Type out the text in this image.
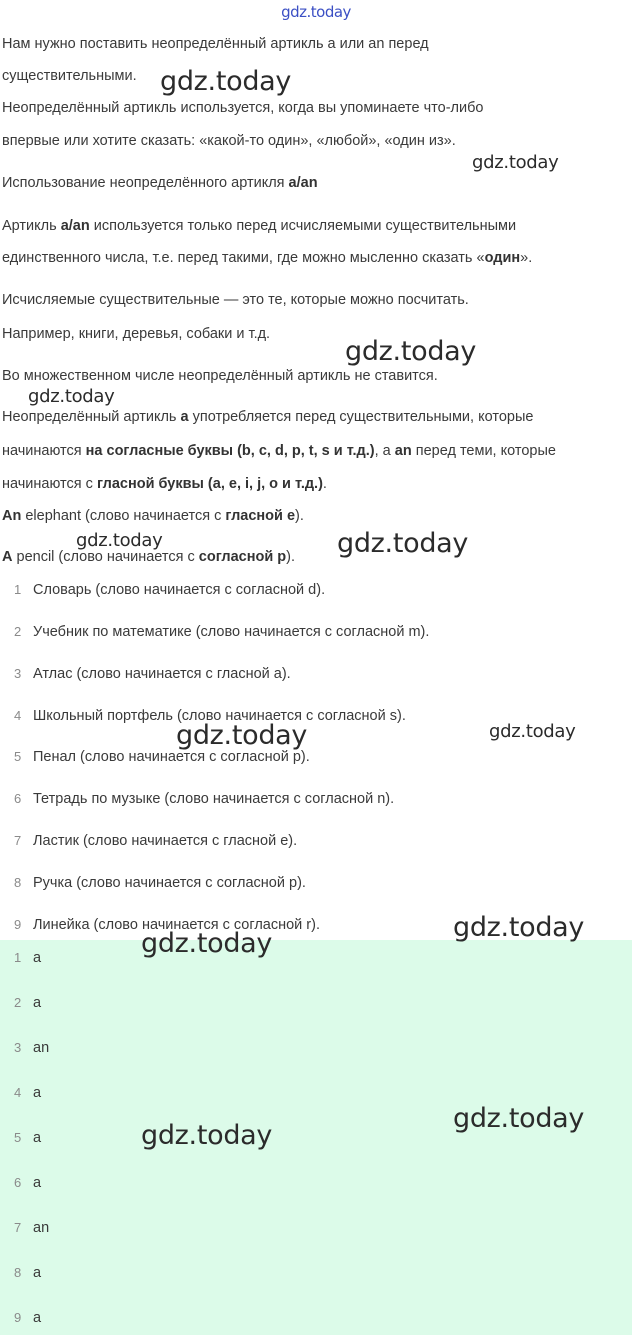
gdz.today
Нам нужно поставить неопределённый артикль a или an перед
существительными.
Неопределённый артикль используется, когда вы упоминаете что-либо
впервые или хотите сказать: «какой-то один», «любой», «один из».
Использование неопределённого артикля a/an
Артикль a/an используется только перед исчисляемыми существительными
единственного числа, т.е. перед такими, где можно мысленно сказать «один».
Исчисляемые существительные — это те, которые можно посчитать.
Например, книги, деревья, собаки и т.д.
Во множественном числе неопределённый артикль не ставится.
Неопределённый артикль a употребляется перед существительными, которые
начинаются на согласные буквы (b, c, d, p, t, s и т.д.), а an перед теми, которые
начинаются с гласной буквы (a, e, i, j, o и т.д.).
An elephant (слово начинается с гласной e).
A pencil (слово начинается с согласной p).
1 Словарь (слово начинается с согласной d).
2 Учебник по математике (слово начинается с согласной m).
3 Атлас (слово начинается с гласной a).
4 Школьный портфель (слово начинается с согласной s).
5 Пенал (слово начинается с согласной p).
6 Тетрадь по музыке (слово начинается с согласной n).
7 Ластик (слово начинается с гласной e).
8 Ручка (слово начинается с согласной p).
9 Линейка (слово начинается с согласной r).
1 a
2 a
3 an
4 a
5 a
6 a
7 an
8 a
9 a
gdz.today
gdz.today
gdz.today
gdz.today
gdz.today	gdz.today
gdz.today	gdz.today
gdz.today
gdz.today
gdz.today
gdz.today
